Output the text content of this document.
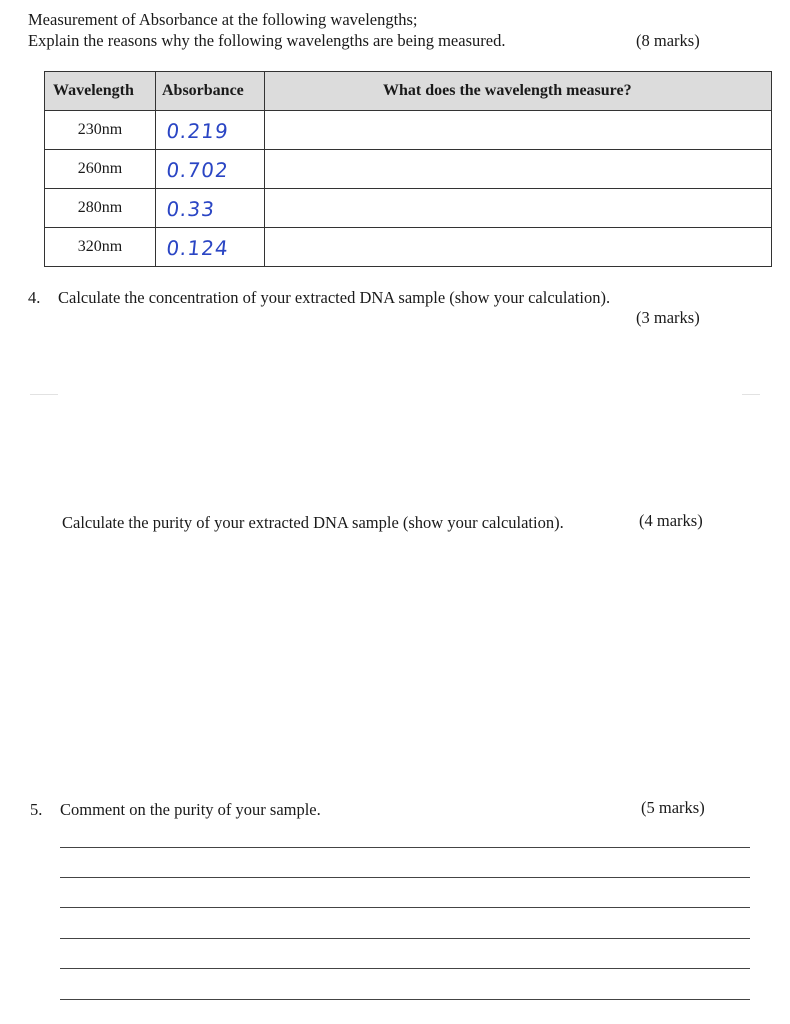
Measurement of Absorbance at the following wavelengths;
Explain the reasons why the following wavelengths are being measured.	(8 marks)
Wavelength	Absorbance	What does the wavelength measure?
230nm	0.219	
260nm	0.702	
280nm	0.33	
320nm	0.124	
4. Calculate the concentration of your extracted DNA sample (show your calculation).
(3 marks)
Calculate the purity of your extracted DNA sample (show your calculation).	(4 marks)
5. Comment on the purity of your sample.	(5 marks)
